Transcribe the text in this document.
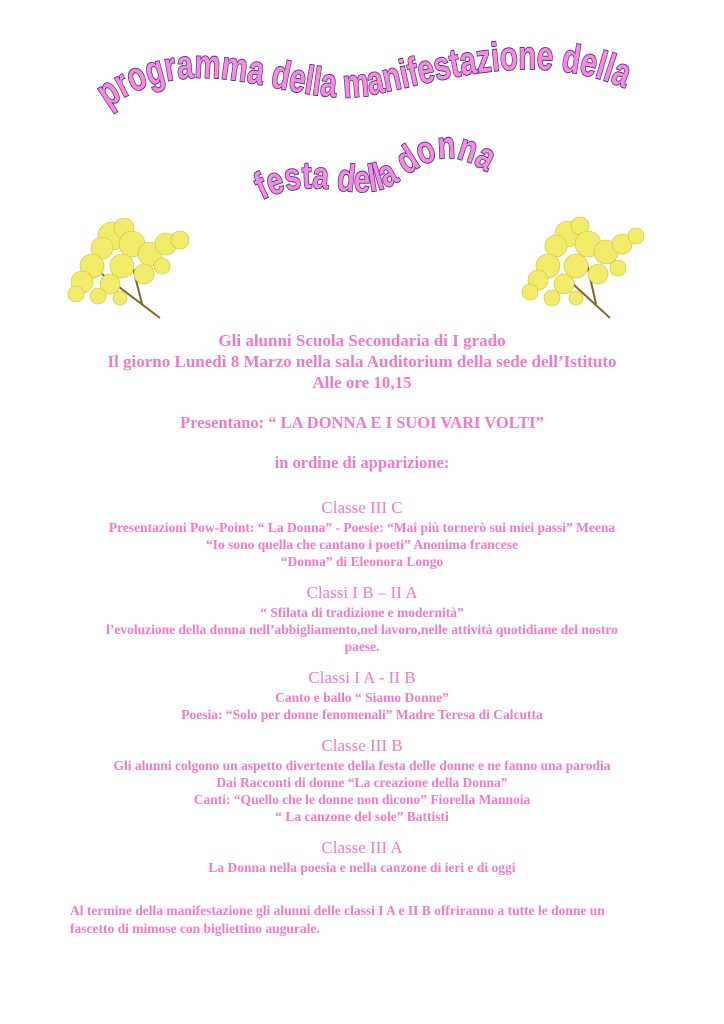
programma della manifestazione della
festa della donna
Gli alunni Scuola Secondaria di I grado
Il giorno Lunedì 8 Marzo nella sala Auditorium della sede dell’Istituto
Alle ore 10,15
Presentano: “ LA DONNA E I SUOI VARI VOLTI”
in ordine di apparizione:
Classe III C
Presentazioni Pow-Point: “ La Donna” - Poesie: “Mai più tornerò sui miei passi” Meena
“Io sono quella che cantano i poeti” Anonima francese
“Donna” di Eleonora Longo
Classi I B – II A
“ Sfilata di tradizione e modernità”
l’evoluzione della donna nell’abbigliamento,nel lavoro,nelle attività quotidiane del nostro
paese.
Classi I A - II B
Canto e ballo “ Siamo Donne”
Poesia: “Solo per donne fenomenali” Madre Teresa di Calcutta
Classe III B
Gli alunni colgono un aspetto divertente della festa delle donne e ne fanno una parodia
Dai Racconti di donne “La creazione della Donna”
Canti: “Quello che le donne non dicono” Fiorella Mannoia
“ La canzone del sole” Battisti
Classe III A
La Donna nella poesia e nella canzone di ieri e di oggi
Al termine della manifestazione gli alunni delle classi I A e II B offriranno a tutte le donne un
fascetto di mimose con bigliettino augurale.
